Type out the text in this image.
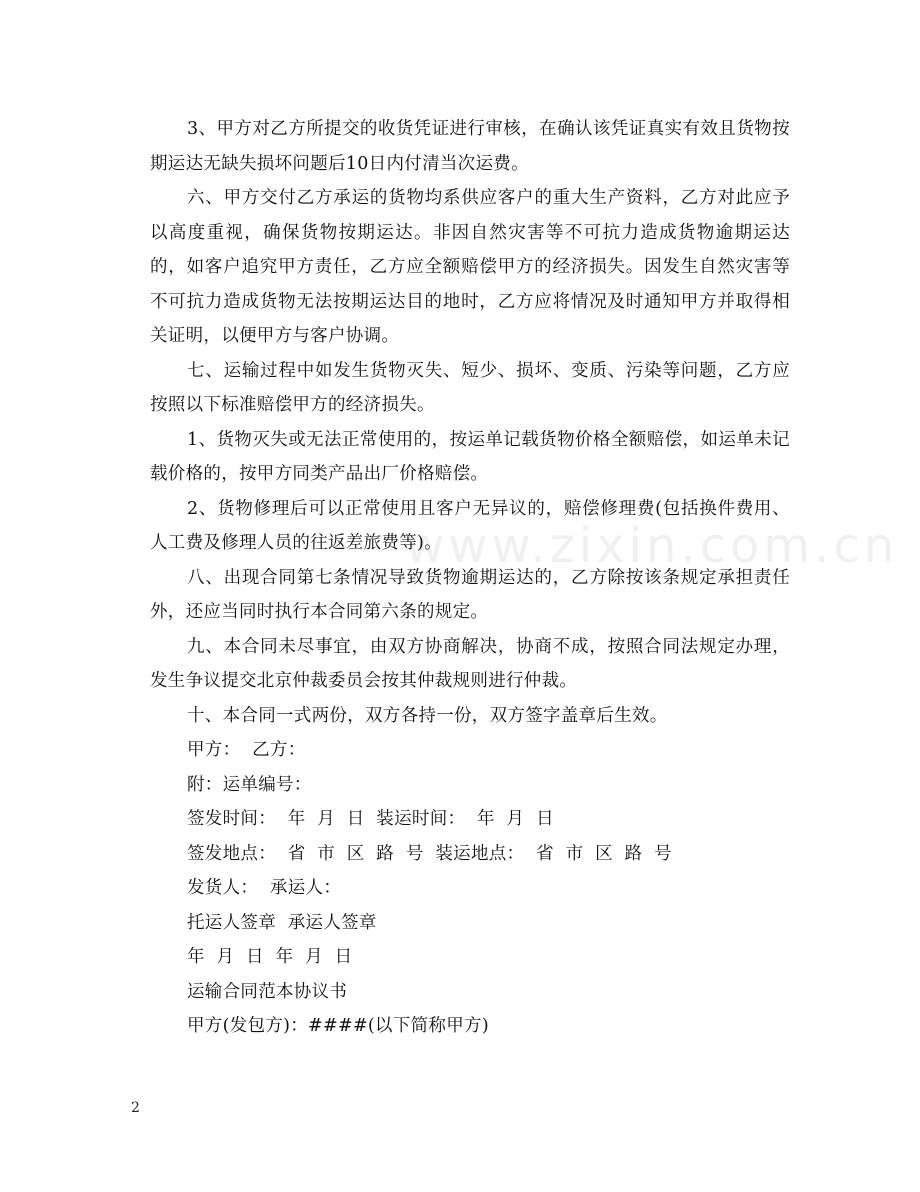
3、甲方对乙方所提交的收货凭证进行审核，在确认该凭证真实有效且货物按期运达无缺失损坏问题后10日内付清当次运费。

六、甲方交付乙方承运的货物均系供应客户的重大生产资料，乙方对此应予以高度重视，确保货物按期运达。非因自然灾害等不可抗力造成货物逾期运达的，如客户追究甲方责任，乙方应全额赔偿甲方的经济损失。因发生自然灾害等不可抗力造成货物无法按期运达目的地时，乙方应将情况及时通知甲方并取得相关证明，以便甲方与客户协调。

七、运输过程中如发生货物灭失、短少、损坏、变质、污染等问题，乙方应按照以下标准赔偿甲方的经济损失。

1、货物灭失或无法正常使用的，按运单记载货物价格全额赔偿，如运单未记载价格的，按甲方同类产品出厂价格赔偿。

2、货物修理后可以正常使用且客户无异议的，赔偿修理费(包括换件费用、人工费及修理人员的往返差旅费等)。

八、出现合同第七条情况导致货物逾期运达的，乙方除按该条规定承担责任外，还应当同时执行本合同第六条的规定。

九、本合同未尽事宜，由双方协商解决，协商不成，按照合同法规定办理，发生争议提交北京仲裁委员会按其仲裁规则进行仲裁。

十、本合同一式两份，双方各持一份，双方签字盖章后生效。

甲方：  乙方：

附：运单编号：

签发时间：  年  月  日  装运时间：  年  月  日

签发地点：  省  市  区  路  号  装运地点：  省  市  区  路  号

发货人：  承运人：

托运人签章  承运人签章

年  月  日  年  月  日

运输合同范本协议书

甲方(发包方)：####(以下简称甲方)

www.zixin.com.cn
2
